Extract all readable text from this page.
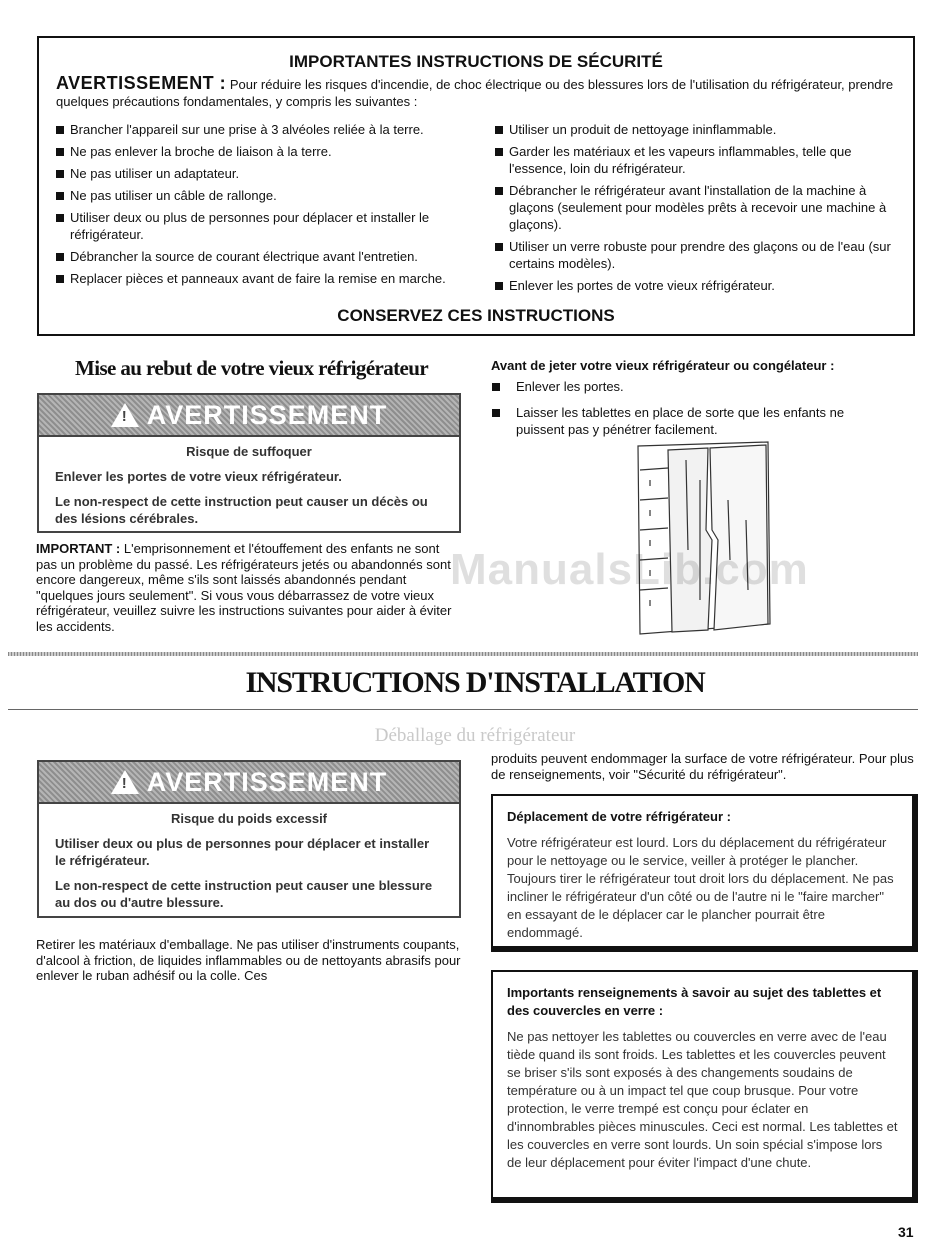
IMPORTANTES INSTRUCTIONS DE SÉCURITÉ
AVERTISSEMENT : Pour réduire les risques d'incendie, de choc électrique ou des blessures lors de l'utilisation du réfrigérateur, prendre quelques précautions fondamentales, y compris les suivantes :
Brancher l'appareil sur une prise à 3 alvéoles reliée à la terre.
Ne pas enlever la broche de liaison à la terre.
Ne pas utiliser un adaptateur.
Ne pas utiliser un câble de rallonge.
Utiliser deux ou plus de personnes pour déplacer et installer le réfrigérateur.
Débrancher la source de courant électrique avant l'entretien.
Replacer pièces et panneaux avant de faire la remise en marche.
Utiliser un produit de nettoyage ininflammable.
Garder les matériaux et les vapeurs inflammables, telle que l'essence, loin du réfrigérateur.
Débrancher le réfrigérateur avant l'installation de la machine à glaçons (seulement pour modèles prêts à recevoir une machine à glaçons).
Utiliser un verre robuste pour prendre des glaçons ou de l'eau (sur certains modèles).
Enlever les portes de votre vieux réfrigérateur.
CONSERVEZ CES INSTRUCTIONS
Mise au rebut de votre vieux réfrigérateur
!
AVERTISSEMENT
Risque de suffoquer

Enlever les portes de votre vieux réfrigérateur.

Le non-respect de cette instruction peut causer un décès ou des lésions cérébrales.

IMPORTANT : L'emprisonnement et l'étouffement des enfants ne sont pas un problème du passé. Les réfrigérateurs jetés ou abandonnés sont encore dangereux, même s'ils sont laissés abandonnés pendant "quelques jours seulement". Si vous vous débarrassez de votre vieux réfrigérateur, veuillez suivre les instructions suivantes pour aider à éviter les accidents.
Avant de jeter votre vieux réfrigérateur ou congélateur :
Enlever les portes.
Laisser les tablettes en place de sorte que les enfants ne puissent pas y pénétrer facilement.
ManualsLib.com
INSTRUCTIONS D'INSTALLATION
Déballage du réfrigérateur
!
AVERTISSEMENT
Risque du poids excessif

Utiliser deux ou plus de personnes pour déplacer et installer le réfrigérateur.

Le non-respect de cette instruction peut causer une blessure au dos ou d'autre blessure.

Retirer les matériaux d'emballage. Ne pas utiliser d'instruments coupants, d'alcool à friction, de liquides inflammables ou de nettoyants abrasifs pour enlever le ruban adhésif ou la colle. Ces
produits peuvent endommager la surface de votre réfrigérateur. Pour plus de renseignements, voir "Sécurité du réfrigérateur".
Déplacement de votre réfrigérateur :
Votre réfrigérateur est lourd. Lors du déplacement du réfrigérateur pour le nettoyage ou le service, veiller à protéger le plancher. Toujours tirer le réfrigérateur tout droit lors du déplacement. Ne pas incliner le réfrigérateur d'un côté ou de l'autre ni le "faire marcher" en essayant de le déplacer car le plancher pourrait être endommagé.
Importants renseignements à savoir au sujet des tablettes et des couvercles en verre :
Ne pas nettoyer les tablettes ou couvercles en verre avec de l'eau tiède quand ils sont froids. Les tablettes et les couvercles peuvent se briser s'ils sont exposés à des changements soudains de température ou à un impact tel que coup brusque. Pour votre protection, le verre trempé est conçu pour éclater en d'innombrables pièces minuscules. Ceci est normal. Les tablettes et les couvercles en verre sont lourds. Un soin spécial s'impose lors de leur déplacement pour éviter l'impact d'une chute.
31
